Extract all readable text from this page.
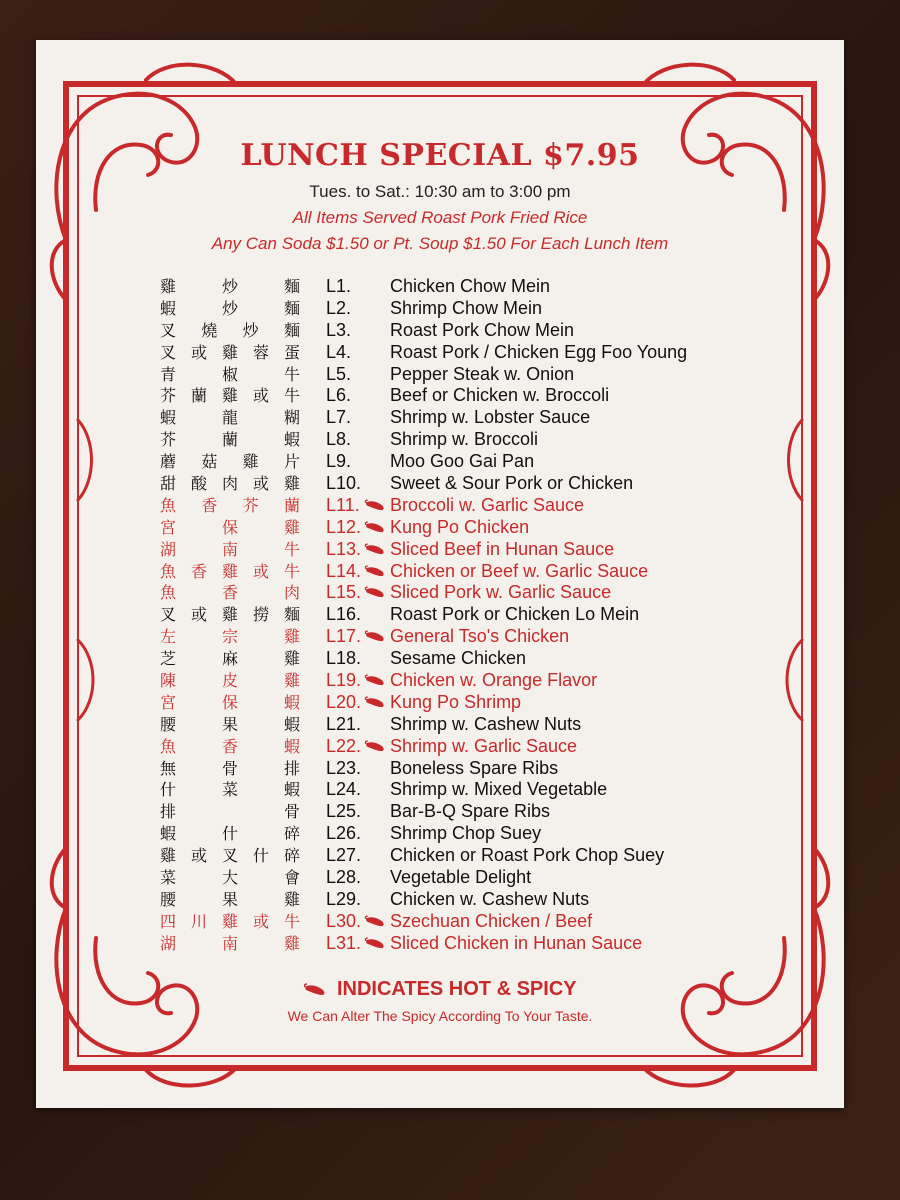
LUNCH SPECIAL $7.95
Tues. to Sat.: 10:30 am to 3:00 pm
All Items Served Roast Pork Fried Rice
Any Can Soda $1.50 or Pt. Soup $1.50 For Each Lunch Item
雞	炒	麵 L1. Chicken Chow Mein
蝦	炒	麵 L2. Shrimp Chow Mein
叉 燒 炒 麵 L3. Roast Pork Chow Mein
叉 或 雞 蓉 蛋 L4. Roast Pork / Chicken Egg Foo Young
青	椒	牛 L5. Pepper Steak w. Onion
芥 蘭 雞 或 牛 L6. Beef or Chicken w. Broccoli
蝦	龍	糊 L7. Shrimp w. Lobster Sauce
芥	蘭	蝦 L8. Shrimp w. Broccoli
蘑 菇 雞 片 L9. Moo Goo Gai Pan
甜 酸 肉 或 雞 L10. Sweet & Sour Pork or Chicken
魚 香 芥 蘭 L11. Broccoli w. Garlic Sauce
宮	保	雞 L12. Kung Po Chicken
湖	南	牛 L13. Sliced Beef in Hunan Sauce
魚 香 雞 或 牛 L14. Chicken or Beef w. Garlic Sauce
魚	香	肉 L15. Sliced Pork w. Garlic Sauce
叉 或 雞 撈 麵 L16. Roast Pork or Chicken Lo Mein
左	宗	雞 L17. General Tso's Chicken
芝	麻	雞 L18. Sesame Chicken
陳	皮	雞 L19. Chicken w. Orange Flavor
宮	保	蝦 L20. Kung Po Shrimp
腰	果	蝦 L21. Shrimp w. Cashew Nuts
魚	香	蝦 L22. Shrimp w. Garlic Sauce
無	骨	排 L23. Boneless Spare Ribs
什	菜	蝦 L24. Shrimp w. Mixed Vegetable
排	骨 L25. Bar-B-Q Spare Ribs
蝦	什	碎 L26. Shrimp Chop Suey
雞 或 叉 什 碎 L27. Chicken or Roast Pork Chop Suey
菜	大	會 L28. Vegetable Delight
腰	果	雞 L29. Chicken w. Cashew Nuts
四 川 雞 或 牛 L30. Szechuan Chicken / Beef
湖	南	雞 L31. Sliced Chicken in Hunan Sauce
INDICATES HOT & SPICY
We Can Alter The Spicy According To Your Taste.
